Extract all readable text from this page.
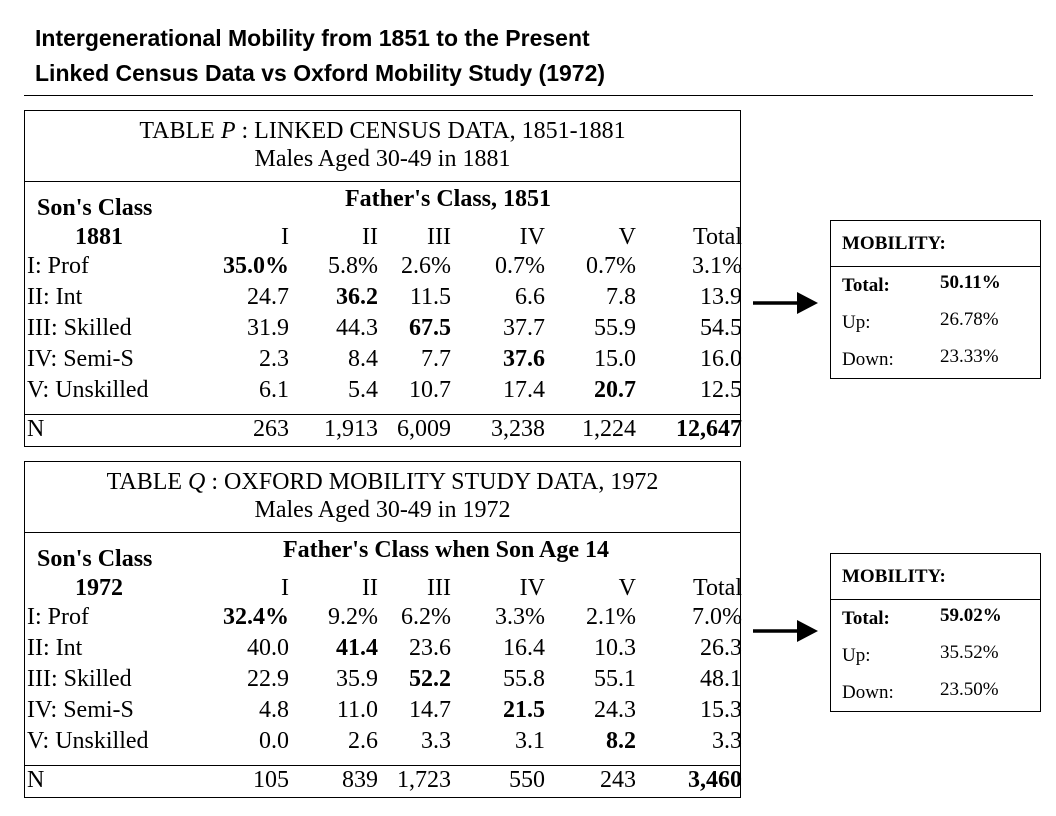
Intergenerational Mobility from 1851 to the Present
Linked Census Data vs Oxford Mobility Study (1972)
TABLE P : LINKED CENSUS DATA, 1851-1881
Males Aged 30-49 in 1881
Son's Class	Father's Class, 1851
1881	I	II III	IV	V Total
I: Prof	35.0% 5.8% 2.6% 0.7% 0.7% 3.1%
II: Int	24.7 36.2 11.5	6.6	7.8	13.9
III: Skilled	31.9 44.3 67.5 37.7 55.9	54.5
IV: Semi-S	2.3 8.4 7.7 37.6 15.0	16.0
V: Unskilled	6.1 5.4 10.7 17.4 20.7	12.5
N	263 1,913 6,009 3,238 1,224 12,647
TABLE Q : OXFORD MOBILITY STUDY DATA, 1972
Males Aged 30-49 in 1972
Son's Class	Father's Class when Son Age 14
1972	I	II III	IV	V Total
I: Prof	32.4% 9.2% 6.2% 3.3% 2.1% 7.0%
II: Int	40.0 41.4 23.6 16.4 10.3	26.3
III: Skilled	22.9 35.9 52.2 55.8 55.1	48.1
IV: Semi-S	4.8 11.0 14.7 21.5 24.3	15.3
V: Unskilled	0.0 2.6 3.3	3.1	8.2	3.3
N	105 839 1,723 550 243 3,460
MOBILITY:
Total:	50.11%
Up:	26.78%
Down: 23.33%
MOBILITY:
Total:	59.02%
Up:	35.52%
Down: 23.50%
